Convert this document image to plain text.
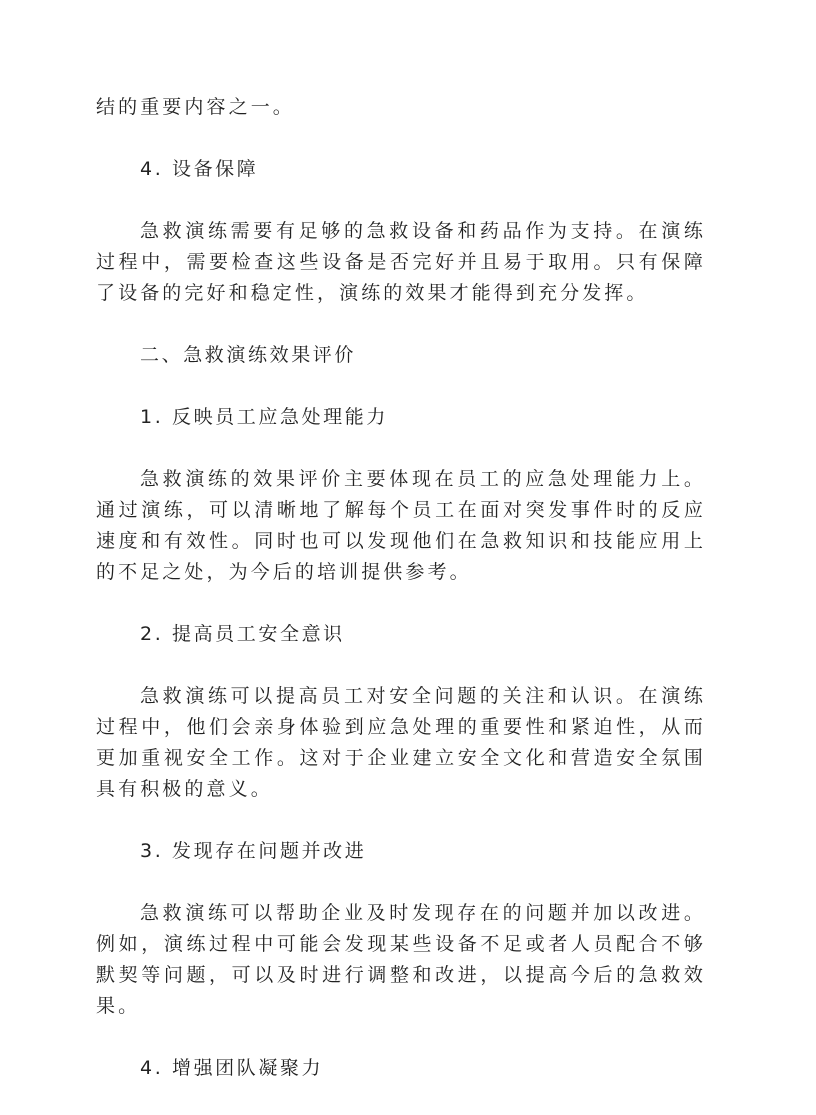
结的重要内容之一。

4. 设备保障

急救演练需要有足够的急救设备和药品作为支持。在演练过程中，需要检查这些设备是否完好并且易于取用。只有保障了设备的完好和稳定性，演练的效果才能得到充分发挥。

二、急救演练效果评价

1. 反映员工应急处理能力

急救演练的效果评价主要体现在员工的应急处理能力上。通过演练，可以清晰地了解每个员工在面对突发事件时的反应速度和有效性。同时也可以发现他们在急救知识和技能应用上的不足之处，为今后的培训提供参考。

2. 提高员工安全意识

急救演练可以提高员工对安全问题的关注和认识。在演练过程中，他们会亲身体验到应急处理的重要性和紧迫性，从而更加重视安全工作。这对于企业建立安全文化和营造安全氛围具有积极的意义。

3. 发现存在问题并改进

急救演练可以帮助企业及时发现存在的问题并加以改进。例如，演练过程中可能会发现某些设备不足或者人员配合不够默契等问题，可以及时进行调整和改进，以提高今后的急救效果。

4. 增强团队凝聚力
